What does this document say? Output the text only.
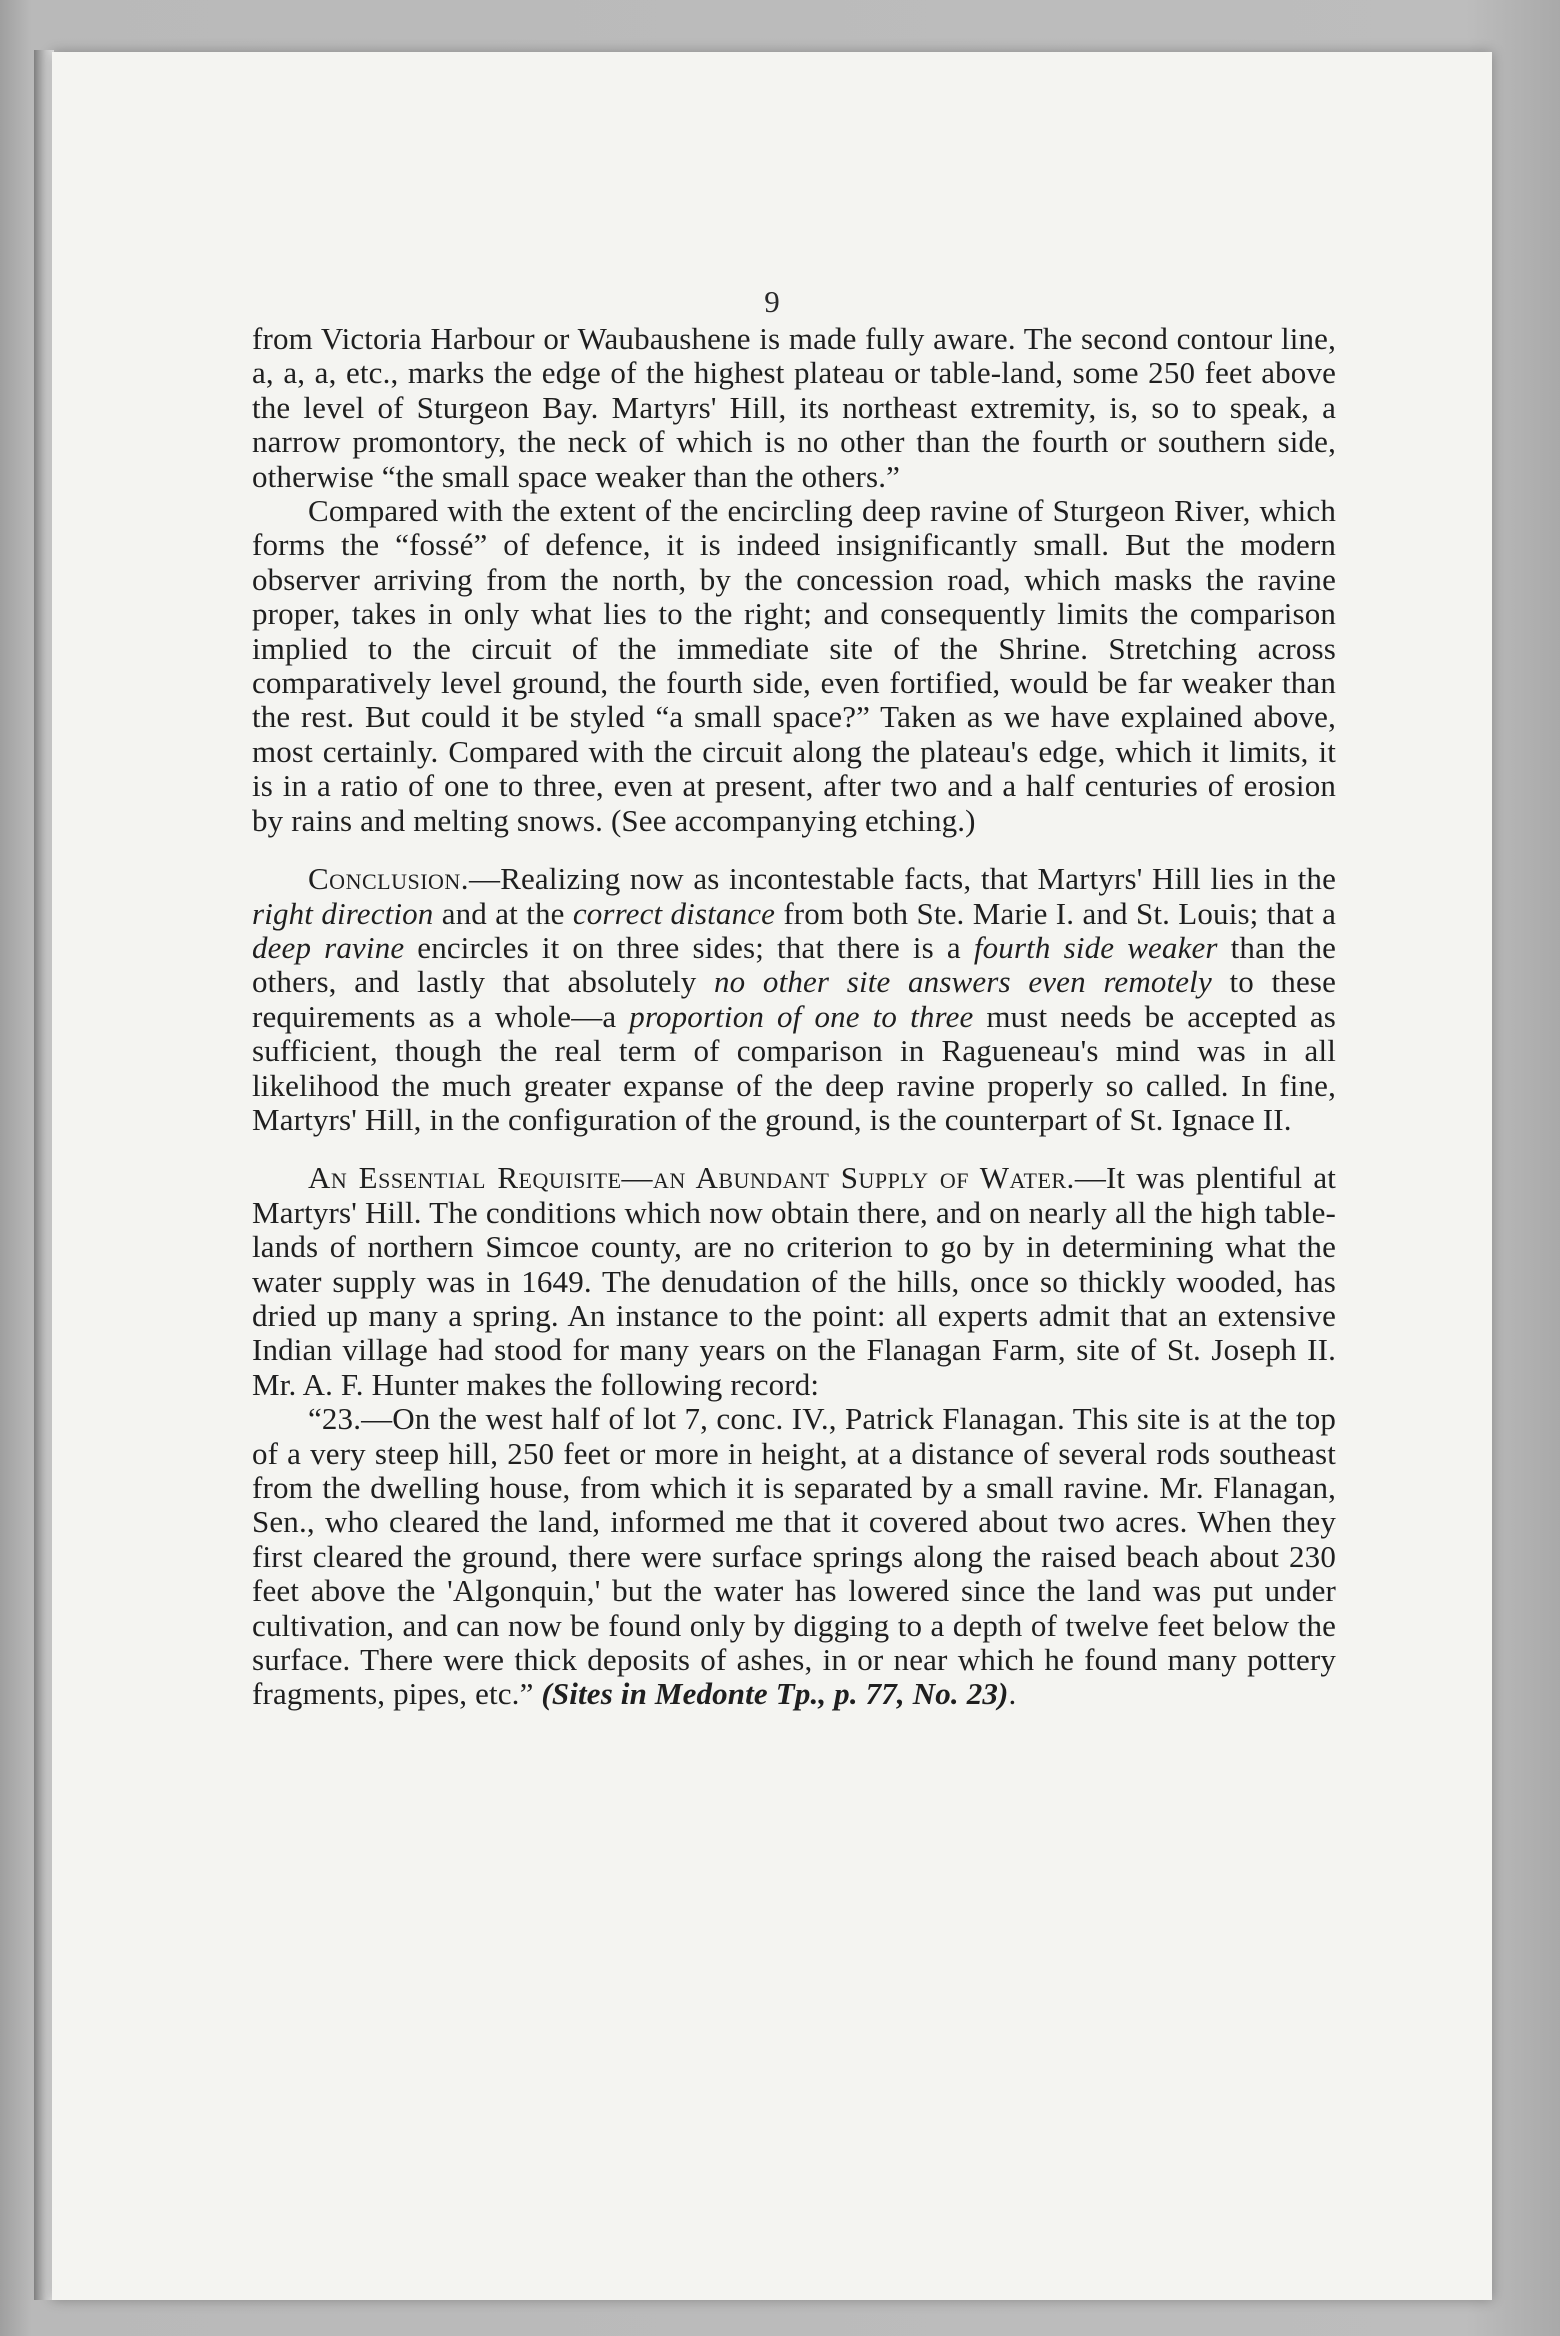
9

from Victoria Harbour or Waubaushene is made fully aware. The second contour line, a, a, a, etc., marks the edge of the highest plateau or table-land, some 250 feet above the level of Sturgeon Bay. Martyrs' Hill, its northeast extremity, is, so to speak, a narrow promontory, the neck of which is no other than the fourth or southern side, otherwise “the small space weaker than the others.”

Compared with the extent of the encircling deep ravine of Sturgeon River, which forms the “fossé” of defence, it is indeed insignificantly small. But the modern observer arriving from the north, by the concession road, which masks the ravine proper, takes in only what lies to the right; and consequently limits the comparison implied to the circuit of the immediate site of the Shrine. Stretching across comparatively level ground, the fourth side, even fortified, would be far weaker than the rest. But could it be styled “a small space?” Taken as we have explained above, most certainly. Compared with the circuit along the plateau's edge, which it limits, it is in a ratio of one to three, even at present, after two and a half centuries of erosion by rains and melting snows. (See accompanying etching.)

Conclusion.—Realizing now as incontestable facts, that Martyrs' Hill lies in the right direction and at the correct distance from both Ste. Marie I. and St. Louis; that a deep ravine encircles it on three sides; that there is a fourth side weaker than the others, and lastly that absolutely no other site answers even remotely to these requirements as a whole—a proportion of one to three must needs be accepted as sufficient, though the real term of comparison in Ragueneau's mind was in all likelihood the much greater expanse of the deep ravine properly so called. In fine, Martyrs' Hill, in the configuration of the ground, is the counterpart of St. Ignace II.

An Essential Requisite—an Abundant Supply of Water.—It was plentiful at Martyrs' Hill. The conditions which now obtain there, and on nearly all the high table-lands of northern Simcoe county, are no criterion to go by in determining what the water supply was in 1649. The denudation of the hills, once so thickly wooded, has dried up many a spring. An instance to the point: all experts admit that an extensive Indian village had stood for many years on the Flanagan Farm, site of St. Joseph II. Mr. A. F. Hunter makes the following record:

“23.—On the west half of lot 7, conc. IV., Patrick Flanagan. This site is at the top of a very steep hill, 250 feet or more in height, at a distance of several rods southeast from the dwelling house, from which it is separated by a small ravine. Mr. Flanagan, Sen., who cleared the land, informed me that it covered about two acres. When they first cleared the ground, there were surface springs along the raised beach about 230 feet above the 'Algonquin,' but the water has lowered since the land was put under cultivation, and can now be found only by digging to a depth of twelve feet below the surface. There were thick deposits of ashes, in or near which he found many pottery fragments, pipes, etc.” (Sites in Medonte Tp., p. 77, No. 23).
